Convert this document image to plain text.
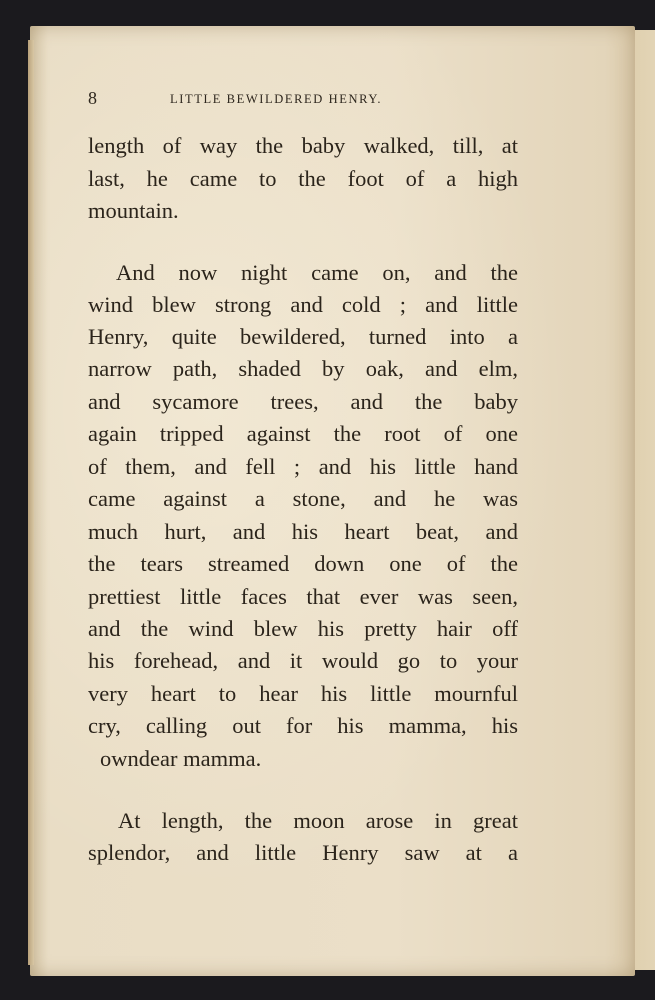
8	LITTLE BEWILDERED HENRY.
length of way the baby walked, till, at
last, he came to the foot of a high
mountain.
And now night came on, and the
wind blew strong and cold ; and little
Henry, quite bewildered, turned into a
narrow path, shaded by oak, and elm,
and sycamore trees, and the baby
again tripped against the root of one
of them, and fell ; and his little hand
came against a stone, and he was
much hurt, and his heart beat, and
the tears streamed down one of the
prettiest little faces that ever was seen,
and the wind blew his pretty hair off
his forehead, and it would go to your
very heart to hear his little mournful
cry, calling out for his mamma, his
owndear mamma.
At length, the moon arose in great
splendor, and little Henry saw at a
